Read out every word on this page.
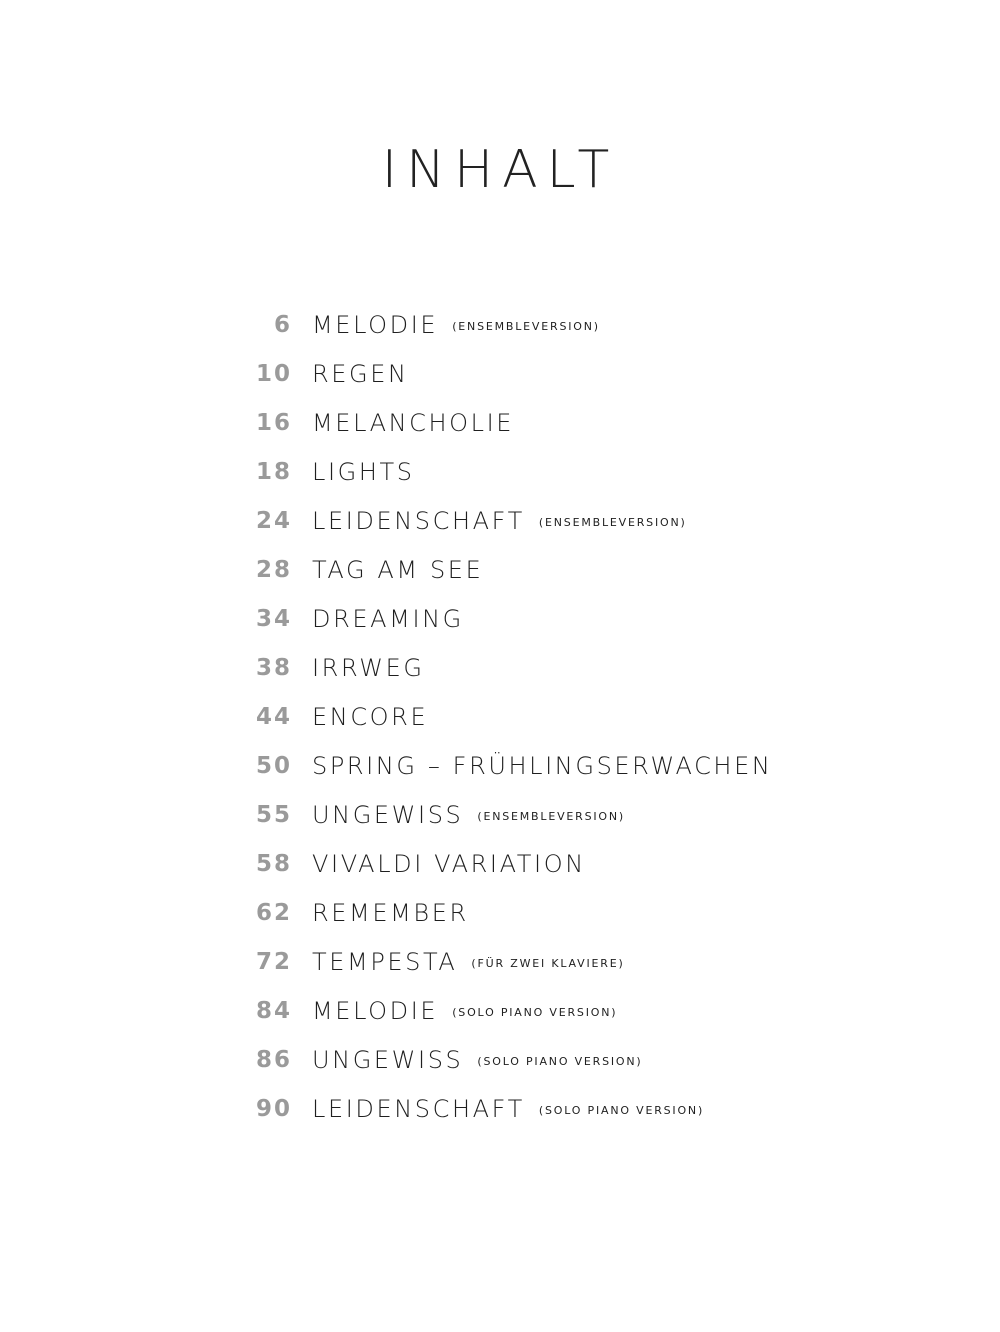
INHALT
6 MELODIE (ENSEMBLEVERSION)
10 REGEN
16 MELANCHOLIE
18 LIGHTS
24 LEIDENSCHAFT (ENSEMBLEVERSION)
28 TAG AM SEE
34 DREAMING
38 IRRWEG
44 ENCORE
50 SPRING – FRÜHLINGSERWACHEN
55 UNGEWISS (ENSEMBLEVERSION)
58 VIVALDI VARIATION
62 REMEMBER
72 TEMPESTA (FÜR ZWEI KLAVIERE)
84 MELODIE (SOLO PIANO VERSION)
86 UNGEWISS (SOLO PIANO VERSION)
90 LEIDENSCHAFT (SOLO PIANO VERSION)
